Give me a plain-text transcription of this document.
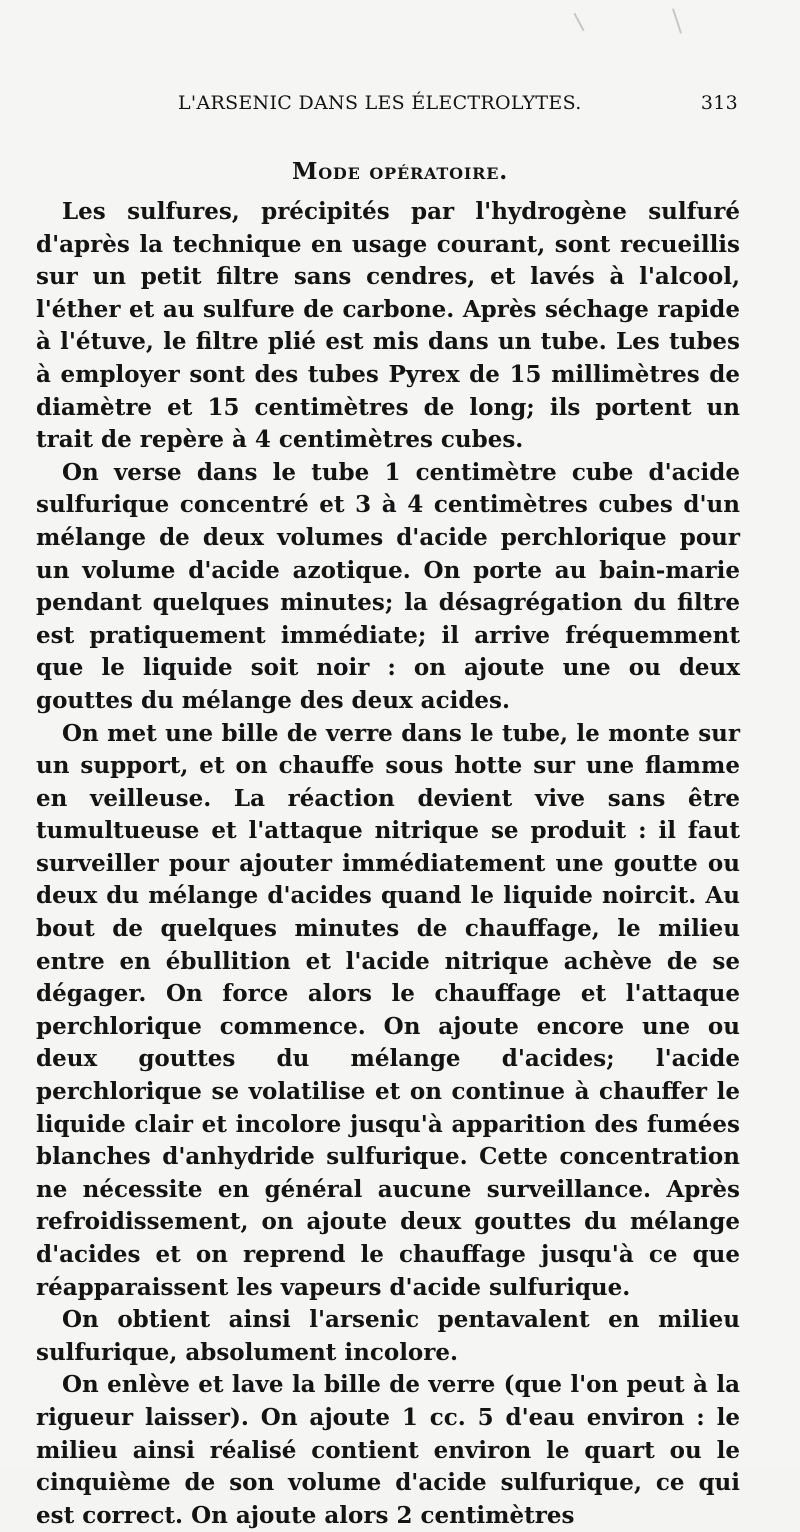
L'ARSENIC DANS LES ÉLECTROLYTES.	313
Mode opératoire.

Les sulfures, précipités par l'hydrogène sulfuré d'après la technique en usage courant, sont recueillis sur un petit filtre sans cendres, et lavés à l'alcool, l'éther et au sulfure de carbone. Après séchage rapide à l'étuve, le filtre plié est mis dans un tube. Les tubes à employer sont des tubes Pyrex de 15 millimètres de diamètre et 15 centimètres de long; ils portent un trait de repère à 4 centimètres cubes.

On verse dans le tube 1 centimètre cube d'acide sulfurique concentré et 3 à 4 centimètres cubes d'un mélange de deux volumes d'acide perchlorique pour un volume d'acide azotique. On porte au bain-marie pendant quelques minutes; la désagrégation du filtre est pratiquement immédiate; il arrive fréquemment que le liquide soit noir : on ajoute une ou deux gouttes du mélange des deux acides.

On met une bille de verre dans le tube, le monte sur un support, et on chauffe sous hotte sur une flamme en veilleuse. La réaction devient vive sans être tumultueuse et l'attaque nitrique se produit : il faut surveiller pour ajouter immédiatement une goutte ou deux du mélange d'acides quand le liquide noircit. Au bout de quelques minutes de chauffage, le milieu entre en ébullition et l'acide nitrique achève de se dégager. On force alors le chauffage et l'attaque perchlorique commence. On ajoute encore une ou deux gouttes du mélange d'acides; l'acide perchlorique se volatilise et on continue à chauffer le liquide clair et incolore jusqu'à apparition des fumées blanches d'anhydride sulfurique. Cette concentration ne nécessite en général aucune surveillance. Après refroidissement, on ajoute deux gouttes du mélange d'acides et on reprend le chauffage jusqu'à ce que réapparaissent les vapeurs d'acide sulfurique.

On obtient ainsi l'arsenic pentavalent en milieu sulfurique, absolument incolore.

On enlève et lave la bille de verre (que l'on peut à la rigueur laisser). On ajoute 1 cc. 5 d'eau environ : le milieu ainsi réalisé contient environ le quart ou le cinquième de son volume d'acide sulfurique, ce qui est correct. On ajoute alors 2 centimètres
